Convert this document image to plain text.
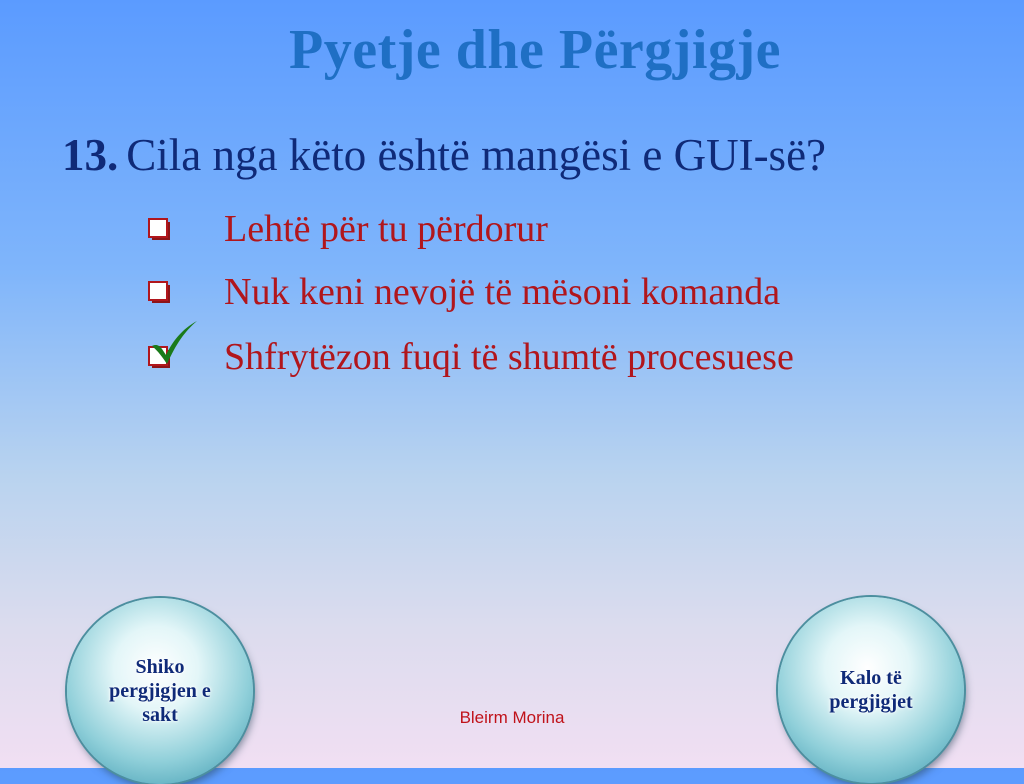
Pyetje dhe Përgjigje
13. Cila nga këto është mangësi e GUI-së?
Lehtë për tu përdorur
Nuk keni nevojë të mësoni komanda
Shfrytëzon fuqi të shumtë procesuese
Shiko pergjigjen e sakt
Kalo të pergjigjet
Bleirm Morina
